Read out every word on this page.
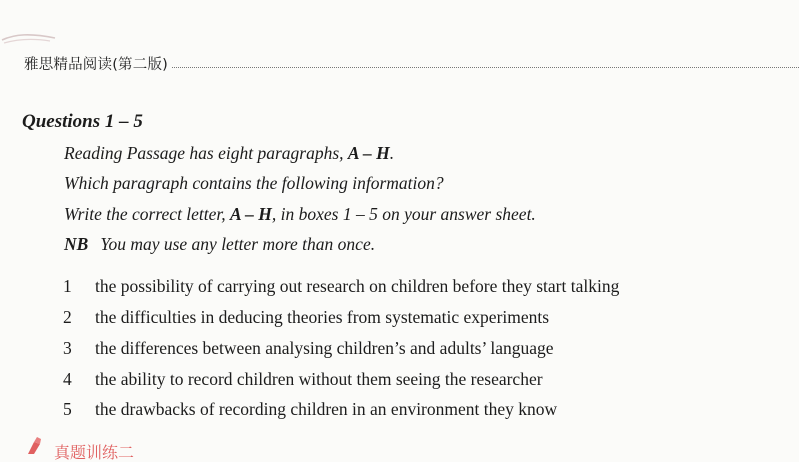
雅思精品阅读(第二版)
Questions 1 – 5
Reading Passage has eight paragraphs, A – H.
Which paragraph contains the following information?
Write the correct letter, A – H, in boxes 1 – 5 on your answer sheet.
NB You may use any letter more than once.
1 the possibility of carrying out research on children before they start talking
2 the difficulties in deducing theories from systematic experiments
3 the differences between analysing children’s and adults’ language
4 the ability to record children without them seeing the researcher
5 the drawbacks of recording children in an environment they know
真题训练二
